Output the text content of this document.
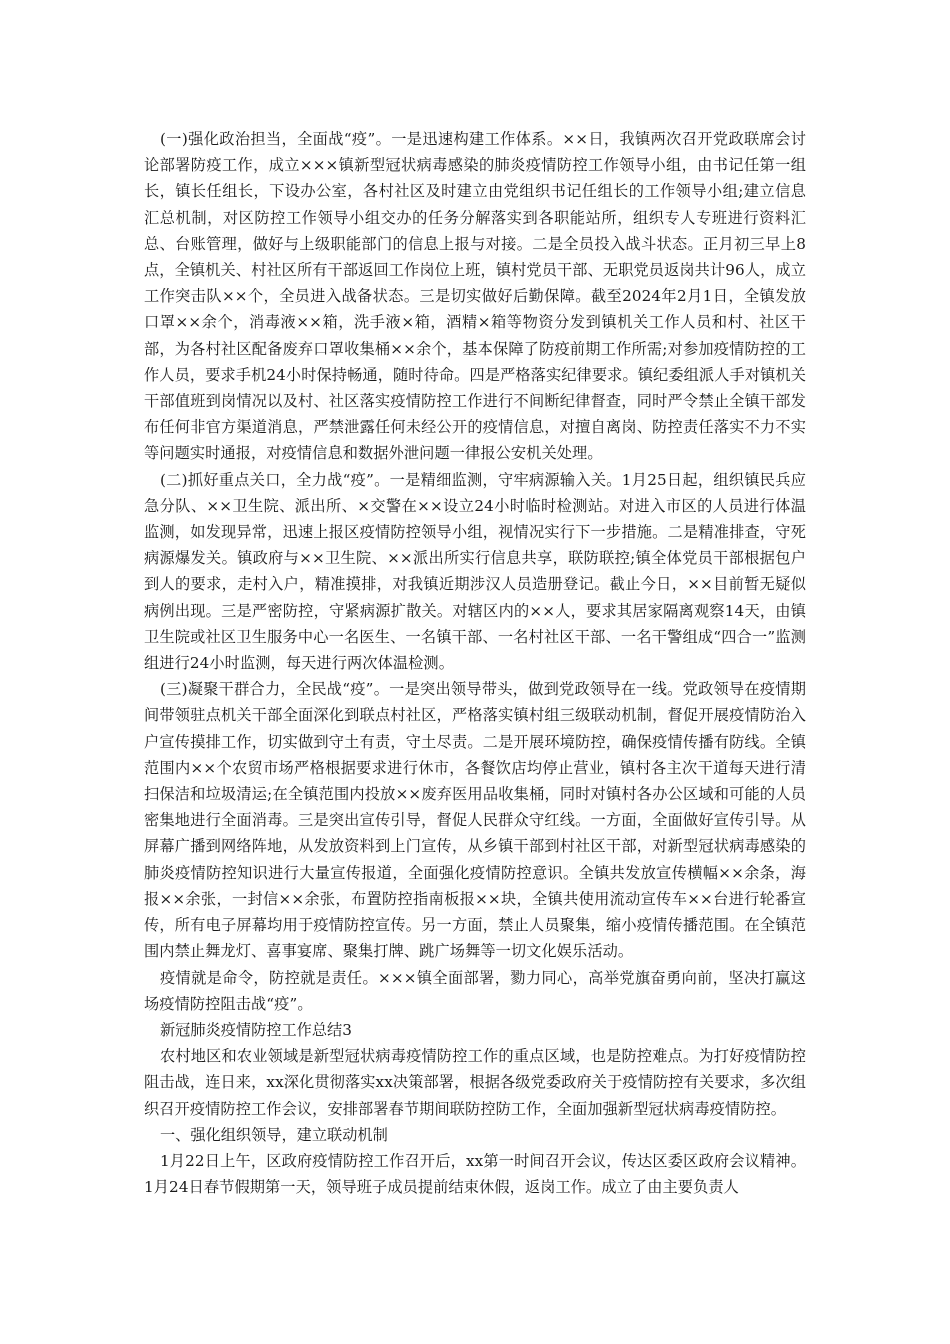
(一)强化政治担当，全面战“疫”。一是迅速构建工作体系。××日，我镇两次召开党政联席会讨论部署防疫工作，成立×××镇新型冠状病毒感染的肺炎疫情防控工作领导小组，由书记任第一组长，镇长任组长，下设办公室，各村社区及时建立由党组织书记任组长的工作领导小组;建立信息汇总机制，对区防控工作领导小组交办的任务分解落实到各职能站所，组织专人专班进行资料汇总、台账管理，做好与上级职能部门的信息上报与对接。二是全员投入战斗状态。正月初三早上8点，全镇机关、村社区所有干部返回工作岗位上班，镇村党员干部、无职党员返岗共计96人，成立工作突击队××个，全员进入战备状态。三是切实做好后勤保障。截至2024年2月1日，全镇发放口罩××余个，消毒液××箱，洗手液×箱，酒精×箱等物资分发到镇机关工作人员和村、社区干部，为各村社区配备废弃口罩收集桶××余个，基本保障了防疫前期工作所需;对参加疫情防控的工作人员，要求手机24小时保持畅通，随时待命。四是严格落实纪律要求。镇纪委组派人手对镇机关干部值班到岗情况以及村、社区落实疫情防控工作进行不间断纪律督查，同时严令禁止全镇干部发布任何非官方渠道消息，严禁泄露任何未经公开的疫情信息，对擅自离岗、防控责任落实不力不实等问题实时通报，对疫情信息和数据外泄问题一律报公安机关处理。

(二)抓好重点关口，全力战“疫”。一是精细监测，守牢病源输入关。1月25日起，组织镇民兵应急分队、××卫生院、派出所、×交警在××设立24小时临时检测站。对进入市区的人员进行体温监测，如发现异常，迅速上报区疫情防控领导小组，视情况实行下一步措施。二是精准排查，守死病源爆发关。镇政府与××卫生院、××派出所实行信息共享，联防联控;镇全体党员干部根据包户到人的要求，走村入户，精准摸排，对我镇近期涉汉人员造册登记。截止今日，××目前暂无疑似病例出现。三是严密防控，守紧病源扩散关。对辖区内的××人，要求其居家隔离观察14天，由镇卫生院或社区卫生服务中心一名医生、一名镇干部、一名村社区干部、一名干警组成“四合一”监测组进行24小时监测，每天进行两次体温检测。

(三)凝聚干群合力，全民战“疫”。一是突出领导带头，做到党政领导在一线。党政领导在疫情期间带领驻点机关干部全面深化到联点村社区，严格落实镇村组三级联动机制，督促开展疫情防治入户宣传摸排工作，切实做到守土有责，守土尽责。二是开展环境防控，确保疫情传播有防线。全镇范围内××个农贸市场严格根据要求进行休市，各餐饮店均停止营业，镇村各主次干道每天进行清扫保洁和垃圾清运;在全镇范围内投放××废弃医用品收集桶，同时对镇村各办公区域和可能的人员密集地进行全面消毒。三是突出宣传引导，督促人民群众守红线。一方面，全面做好宣传引导。从屏幕广播到网络阵地，从发放资料到上门宣传，从乡镇干部到村社区干部，对新型冠状病毒感染的肺炎疫情防控知识进行大量宣传报道，全面强化疫情防控意识。全镇共发放宣传横幅××余条，海报××余张，一封信××余张，布置防控指南板报××块，全镇共使用流动宣传车××台进行轮番宣传，所有电子屏幕均用于疫情防控宣传。另一方面，禁止人员聚集，缩小疫情传播范围。在全镇范围内禁止舞龙灯、喜事宴席、聚集打牌、跳广场舞等一切文化娱乐活动。

疫情就是命令，防控就是责任。×××镇全面部署，勠力同心，高举党旗奋勇向前，坚决打赢这场疫情防控阻击战“疫”。

新冠肺炎疫情防控工作总结3

农村地区和农业领域是新型冠状病毒疫情防控工作的重点区域，也是防控难点。为打好疫情防控阻击战，连日来，xx深化贯彻落实xx决策部署，根据各级党委政府关于疫情防控有关要求，多次组织召开疫情防控工作会议，安排部署春节期间联防控防工作，全面加强新型冠状病毒疫情防控。

一、强化组织领导，建立联动机制

1月22日上午，区政府疫情防控工作召开后，xx第一时间召开会议，传达区委区政府会议精神。1月24日春节假期第一天，领导班子成员提前结束休假，返岗工作。成立了由主要负责人
